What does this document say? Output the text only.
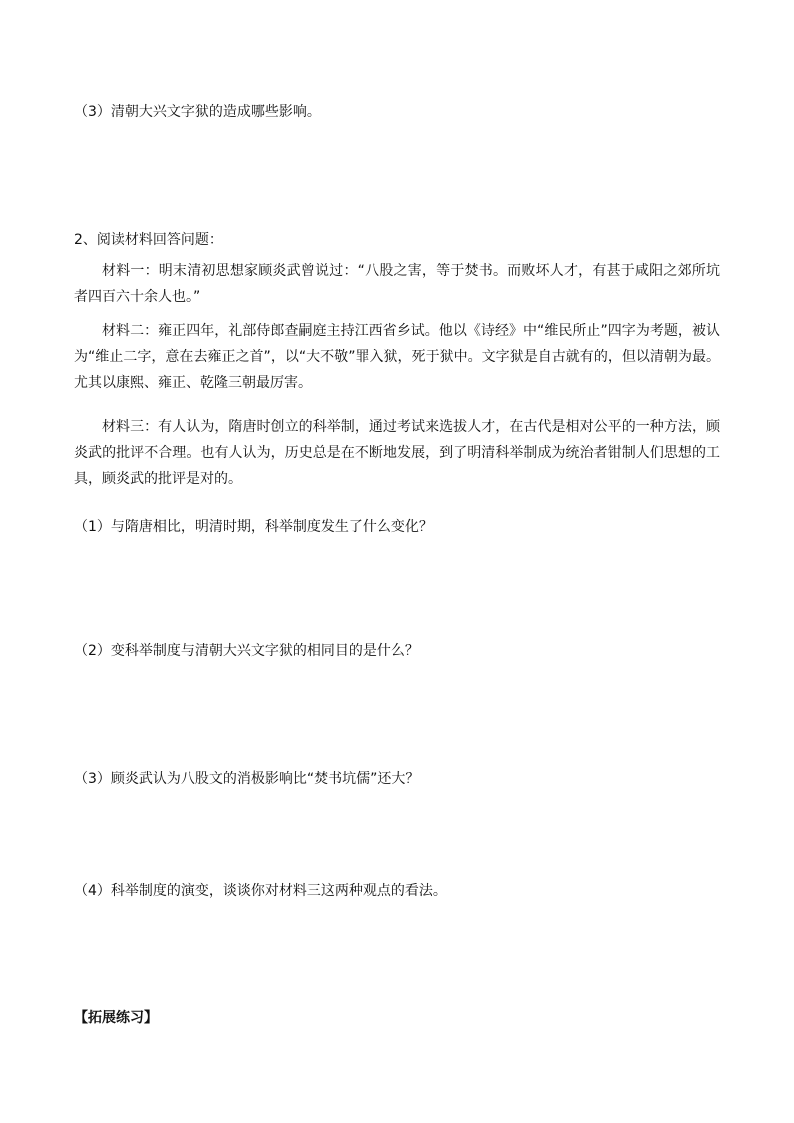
（3）清朝大兴文字狱的造成哪些影响。
2、阅读材料回答问题：
材料一：明末清初思想家顾炎武曾说过：“八股之害，等于焚书。而败坏人才，有甚于咸阳之郊所坑者四百六十余人也。”
材料二：雍正四年，礼部侍郎查嗣庭主持江西省乡试。他以《诗经》中“维民所止”四字为考题，被认为“维止二字，意在去雍正之首”，以“大不敬”罪入狱，死于狱中。文字狱是自古就有的，但以清朝为最。尤其以康熙、雍正、乾隆三朝最厉害。
材料三：有人认为，隋唐时创立的科举制，通过考试来选拔人才，在古代是相对公平的一种方法，顾炎武的批评不合理。也有人认为，历史总是在不断地发展，到了明清科举制成为统治者钳制人们思想的工具，顾炎武的批评是对的。
（1）与隋唐相比，明清时期，科举制度发生了什么变化？
（2）变科举制度与清朝大兴文字狱的相同目的是什么？
（3）顾炎武认为八股文的消极影响比“焚书坑儒”还大？
（4）科举制度的演变，谈谈你对材料三这两种观点的看法。
【拓展练习】
